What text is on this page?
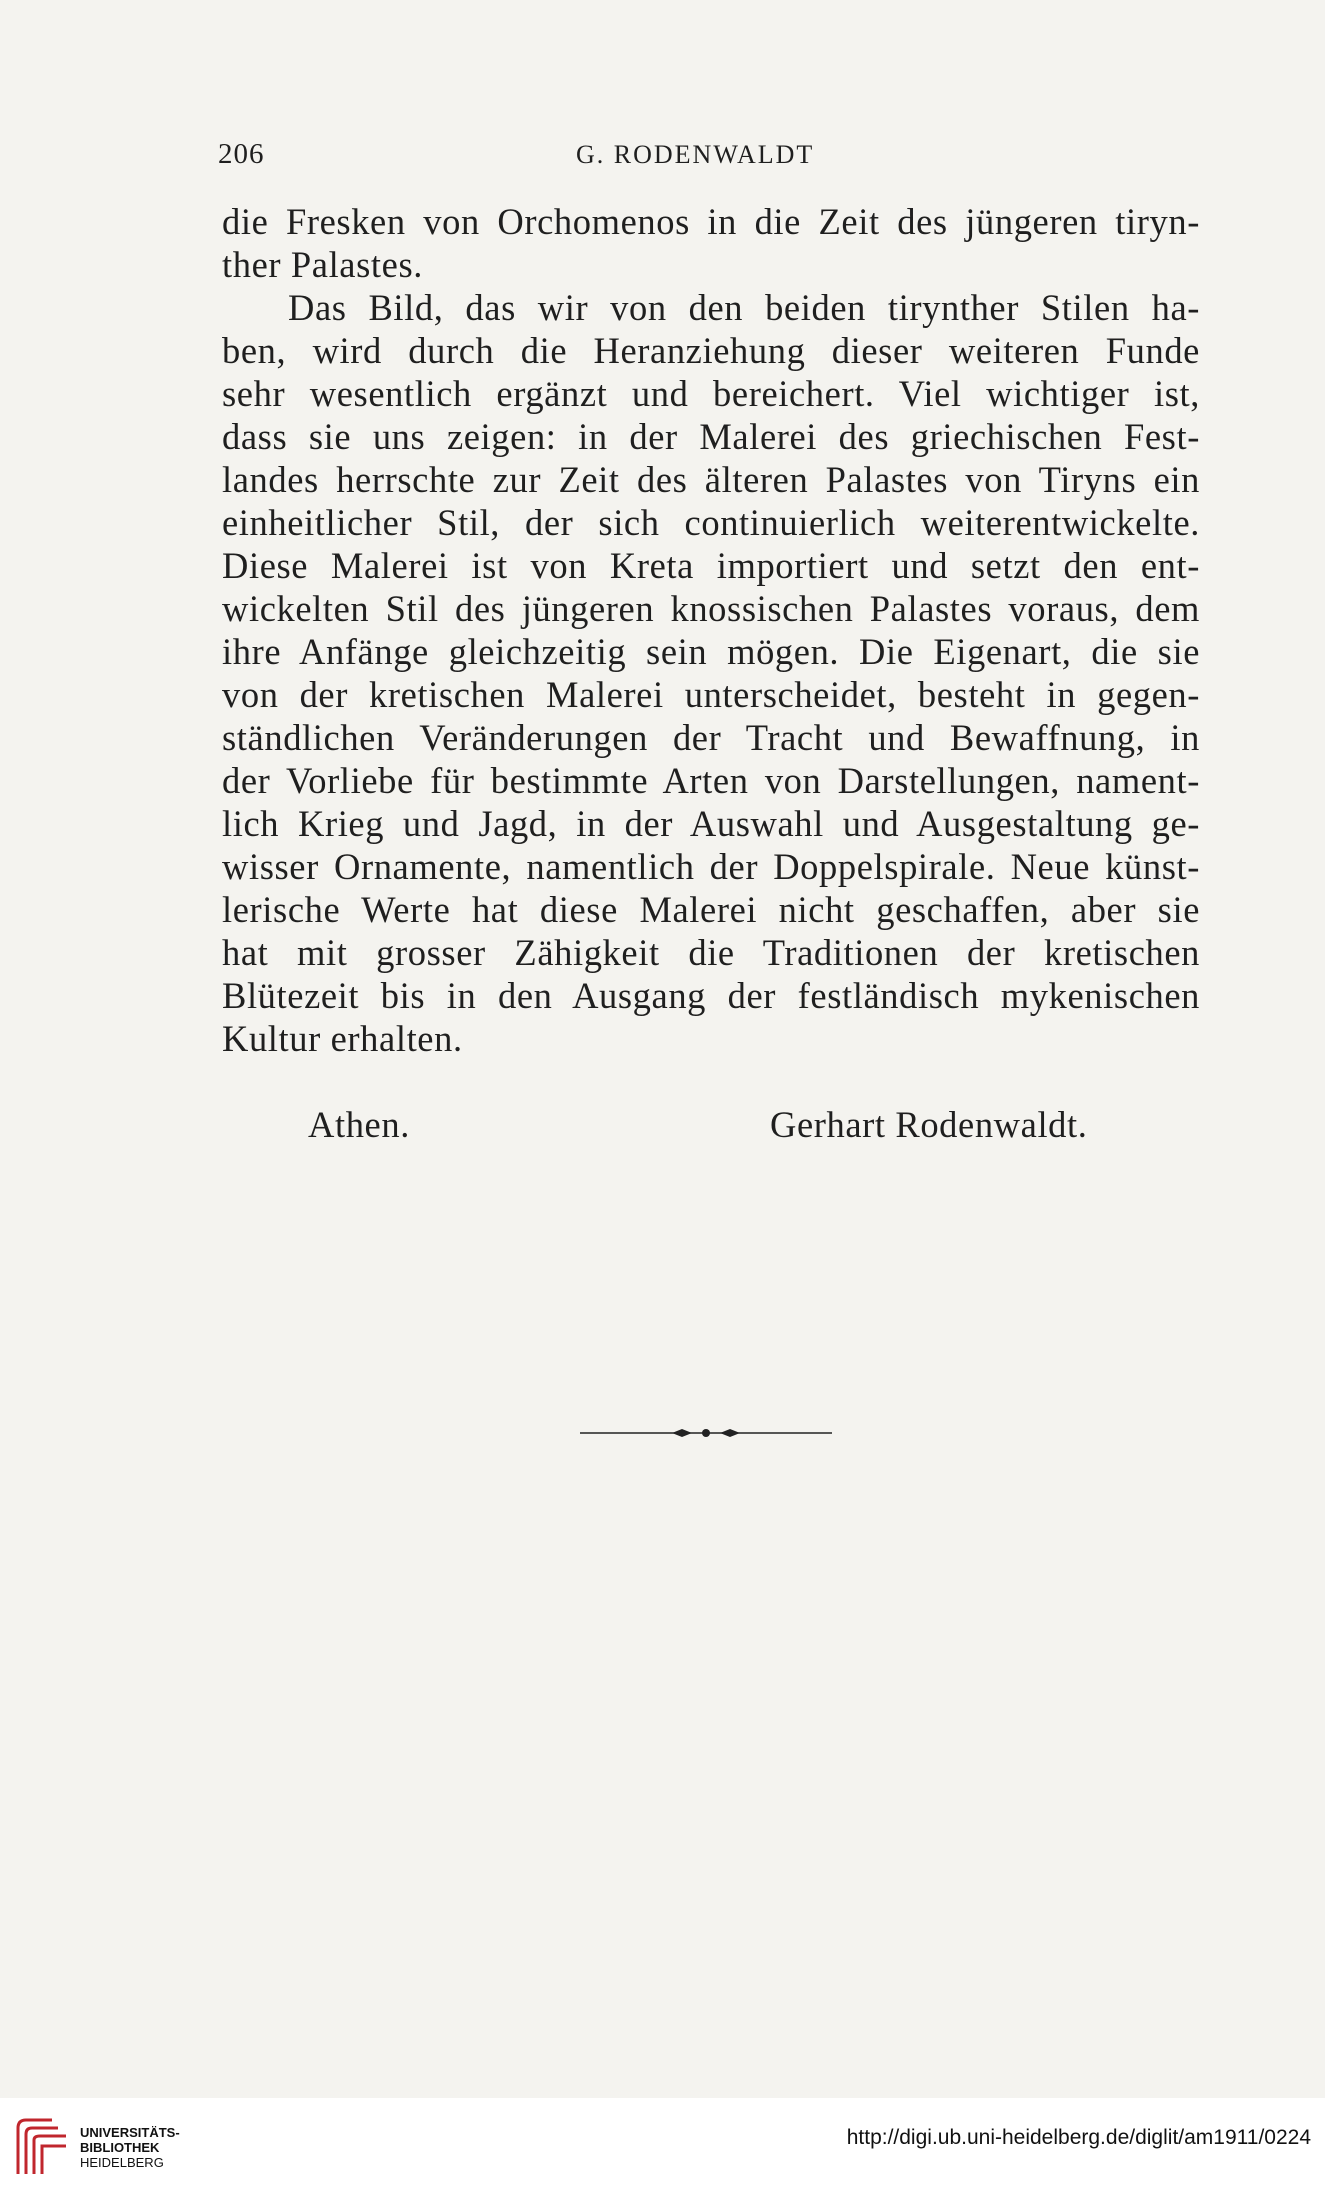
206	G. RODENWALDT
die Fresken von Orchomenos in die Zeit des jüngeren tiryn-
ther Palastes.
Das Bild, das wir von den beiden tirynther Stilen ha-
ben, wird durch die Heranziehung dieser weiteren Funde
sehr wesentlich ergänzt und bereichert. Viel wichtiger ist,
dass sie uns zeigen: in der Malerei des griechischen Fest-
landes herrschte zur Zeit des älteren Palastes von Tiryns ein
einheitlicher Stil, der sich continuierlich weiterentwickelte.
Diese Malerei ist von Kreta importiert und setzt den ent-
wickelten Stil des jüngeren knossischen Palastes voraus, dem
ihre Anfänge gleichzeitig sein mögen. Die Eigenart, die sie
von der kretischen Malerei unterscheidet, besteht in gegen-
ständlichen Veränderungen der Tracht und Bewaffnung, in
der Vorliebe für bestimmte Arten von Darstellungen, nament-
lich Krieg und Jagd, in der Auswahl und Ausgestaltung ge-
wisser Ornamente, namentlich der Doppelspirale. Neue künst-
lerische Werte hat diese Malerei nicht geschaffen, aber sie
hat mit grosser Zähigkeit die Traditionen der kretischen
Blütezeit bis in den Ausgang der festländisch mykenischen
Kultur erhalten.
Athen.	Gerhart Rodenwaldt.
UNIVERSITÄTS-
BIBLIOTHEK
HEIDELBERG
http://digi.ub.uni-heidelberg.de/diglit/am1911/0224
